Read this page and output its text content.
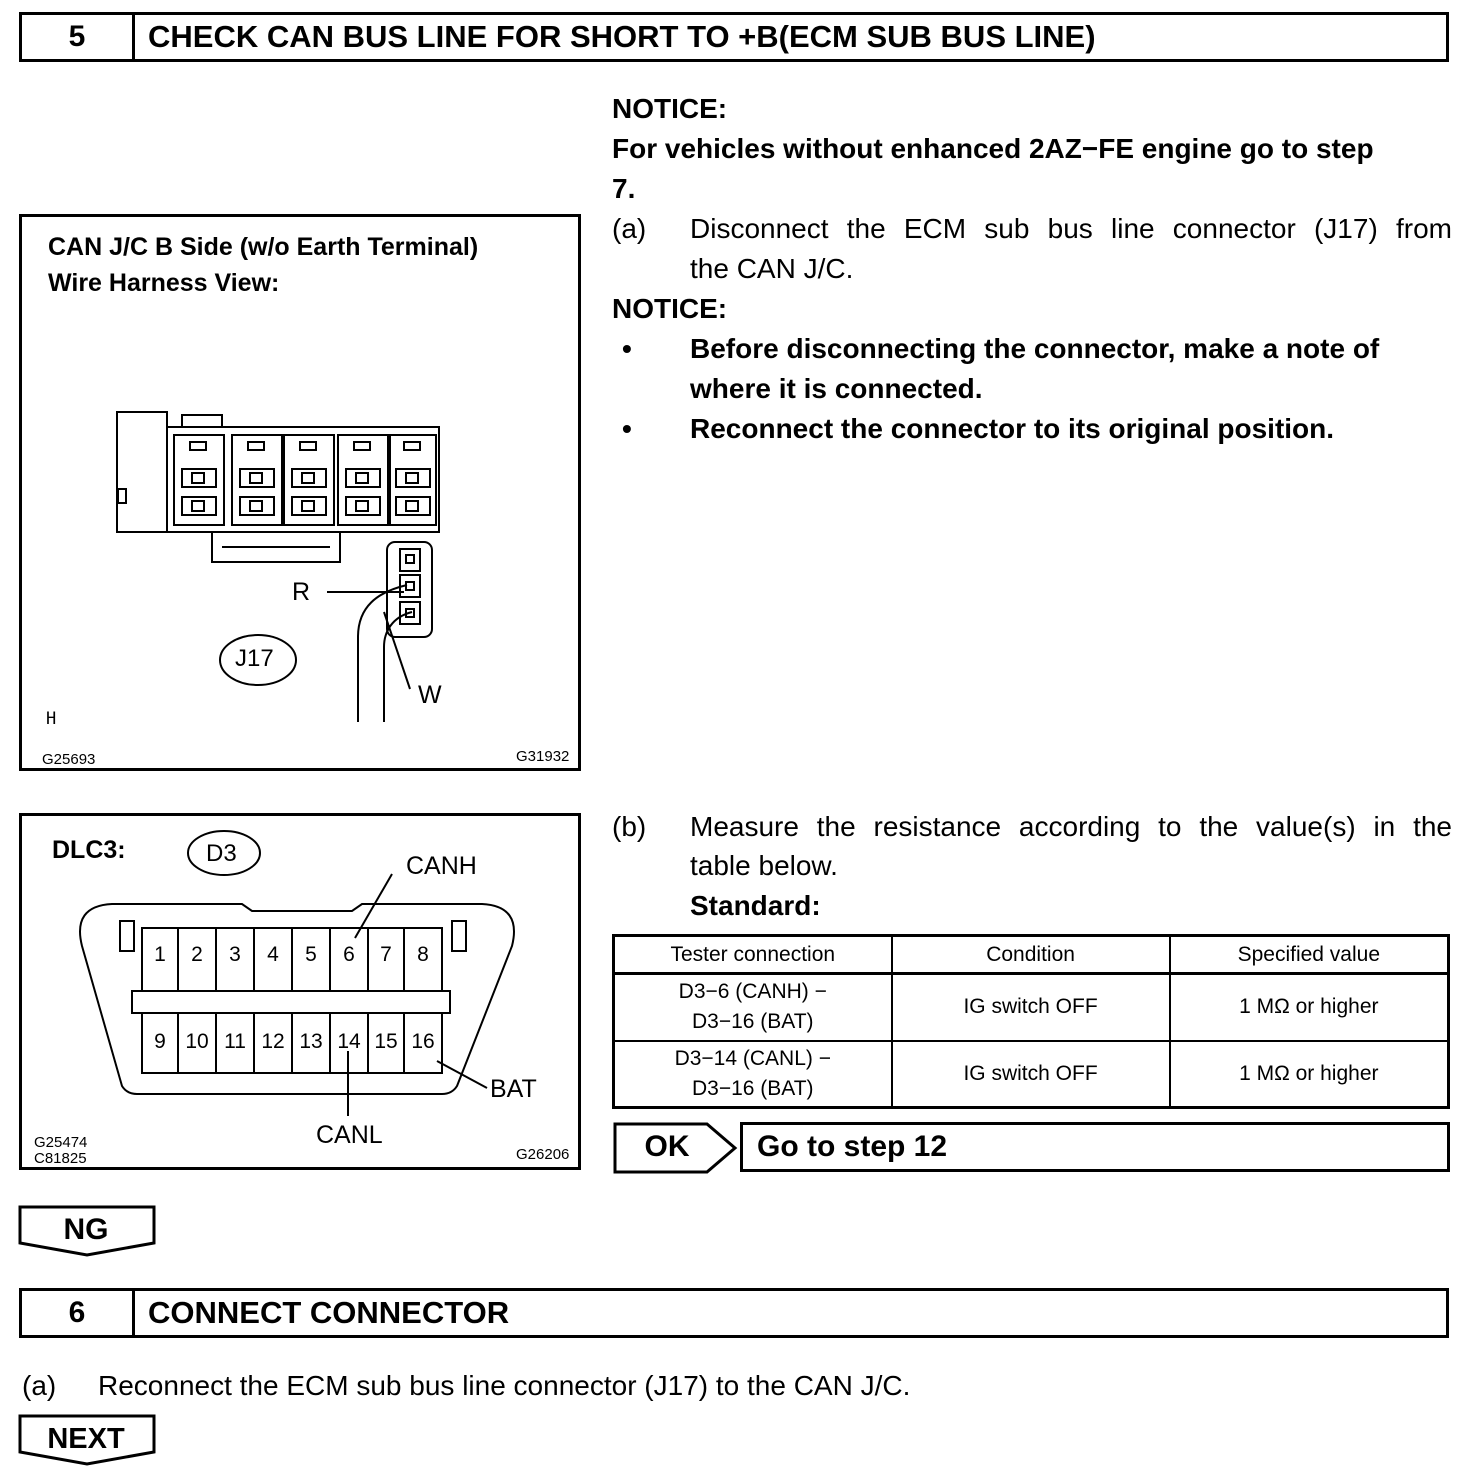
5	CHECK CAN BUS LINE FOR SHORT TO +B(ECM SUB BUS LINE)
NOTICE:
For vehicles without enhanced 2AZ−FE engine go to step
7.
(a) Disconnect the ECM sub bus line connector (J17) from
the CAN J/C.
NOTICE:
• Before disconnecting the connector, make a note of
where it is connected.
• Reconnect the connector to its original position.
CAN J/C B Side (w/o Earth Terminal)
Wire Harness View:
R
W
J17
H
G25693	G31932
(b) Measure the resistance according to the value(s) in the
table below.
Standard:
DLC3:	D3	CANH
CANL
BAT
1	2	3	4	5	6	7	8
9 10 11 12 13 14 15 16
G25474
C81825	G26206
Tester connection	Condition	Specified value

D3−6 (CANH) −
D3−16 (BAT)	IG switch OFF	1 MΩ or higher

D3−14 (CANL) −
D3−16 (BAT)	IG switch OFF	1 MΩ or higher
OK	Go to step 12
NG
6	CONNECT CONNECTOR
(a) Reconnect the ECM sub bus line connector (J17) to the CAN J/C.
NEXT
